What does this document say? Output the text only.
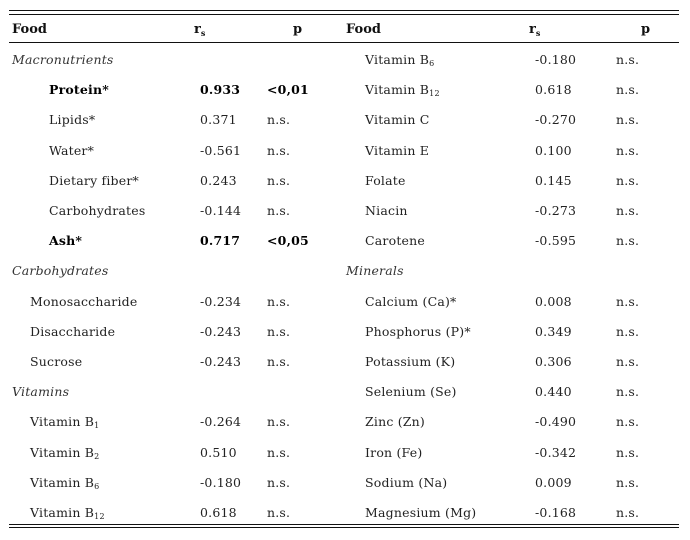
Food	$r_s$	p	Food	$r_s$	p
Macronutrients
Protein*	0.933 <0,01
Lipids*	0.371 n.s.
Water*	-0.561 n.s.
Dietary fiber*	0.243 n.s.
Carbohydrates	-0.144 n.s.
Ash*	0.717 <0,05
Carbohydrates
Monosaccharide	-0.234 n.s.
Disaccharide	-0.243 n.s.
Sucrose	-0.243 n.s.
Vitamins
Vitamin $B_1$	-0.264 n.s.
Vitamin $B_2$	0.510 n.s.
Vitamin $B_6$	-0.180 n.s.
Vitamin $B_{12}$	0.618 n.s.
Vitamin $B_6$	-0.180	n.s.
Vitamin $B_{12}$	0.618	n.s.
Vitamin C	-0.270	n.s.
Vitamin E	0.100	n.s.
Folate	0.145	n.s.
Niacin	-0.273	n.s.
Carotene	-0.595	n.s.
Minerals
Calcium (Ca)*	0.008	n.s.
Phosphorus (P)*	0.349	n.s.
Potassium (K)	0.306	n.s.
Selenium (Se)	0.440	n.s.
Zinc (Zn)	-0.490	n.s.
Iron (Fe)	-0.342	n.s.
Sodium (Na)	0.009	n.s.
Magnesium (Mg)	-0.168	n.s.
